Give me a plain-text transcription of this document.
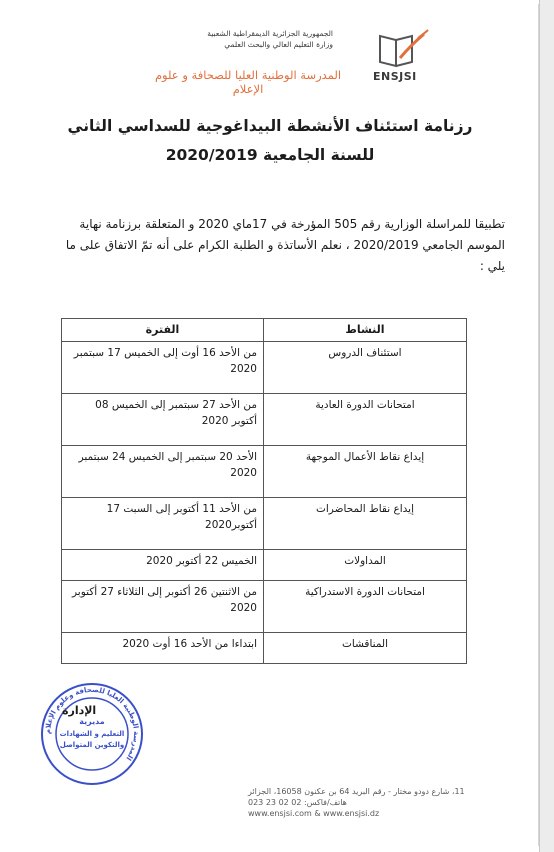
الجمهورية الجزائرية الديمقراطية الشعبية
وزارة التعليم العالي والبحث العلمي
المدرسة الوطنية العليا للصحافة و علوم الإعلام
ENSJSI
رزنامة استئناف الأنشطة البيداغوجية للسداسي الثاني للسنة الجامعية 2020/2019
تطبيقا للمراسلة الوزارية رقم 505 المؤرخة في 17ماي 2020 و المتعلقة برزنامة نهاية الموسم الجامعي 2020/2019 ، نعلم الأساتذة و الطلبة الكرام على أنه تمّ الاتفاق على ما يلي :
النشاط	الفترة
استئناف الدروس	من الأحد 16 أوت إلى الخميس 17 سبتمبر 2020
امتحانات الدورة العادية	من الأحد 27 سبتمبر إلى الخميس 08 أكتوبر 2020
إيداع نقاط الأعمال الموجهة	الأحد 20 سبتمبر إلى الخميس 24 سبتمبر 2020
إيداع نقاط المحاضرات	من الأحد 11 أكتوبر إلى السبت 17 أكتوبر2020
المداولات	الخميس 22 أكتوبر 2020
امتحانات الدورة الاستدراكية	من الاثنتين 26 أكتوبر إلى الثلاثاء 27 أكتوبر 2020
المناقشات	ابتداءا من الأحد 16 أوت 2020
المدرسة الوطنية العليا للصحافة وعلوم الإعلام
مديرية
التعليم و الشهادات
والتكوين المتواصل
الإدارة
11، شارع دودو مختار - رقم البريد 64 بن عكنون 16058، الجزائر
هاتف/فاكس: 02 02 23 023
www.ensjsi.com & www.ensjsi.dz
